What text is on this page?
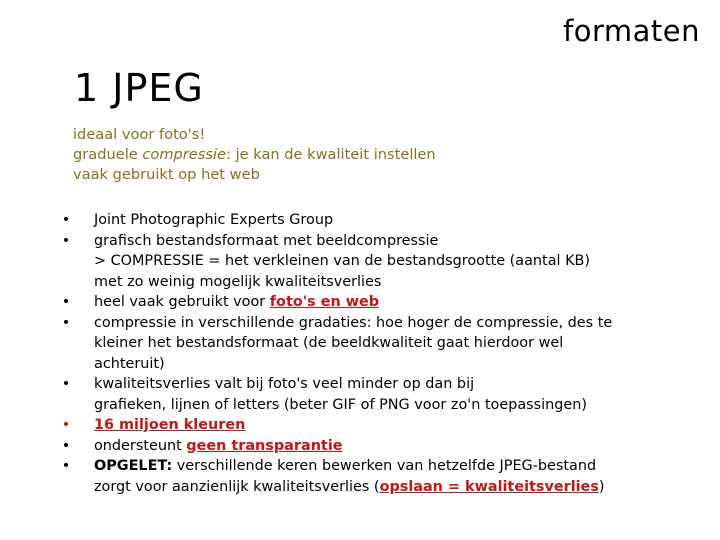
formaten
1 JPEG
ideaal voor foto's!
graduele compressie: je kan de kwaliteit instellen
vaak gebruikt op het web
•	Joint Photographic Experts Group
•	grafisch bestandsformaat met beeldcompressie
> COMPRESSIE = het verkleinen van de bestandsgrootte (aantal KB)
met zo weinig mogelijk kwaliteitsverlies
•	heel vaak gebruikt voor foto's en web
•	compressie in verschillende gradaties: hoe hoger de compressie, des te
kleiner het bestandsformaat (de beeldkwaliteit gaat hierdoor wel
achteruit)
•	kwaliteitsverlies valt bij foto's veel minder op dan bij
grafieken, lijnen of letters (beter GIF of PNG voor zo'n toepassingen)
•	16 miljoen kleuren
•	ondersteunt geen transparantie
•	OPGELET: verschillende keren bewerken van hetzelfde JPEG-bestand
zorgt voor aanzienlijk kwaliteitsverlies (opslaan = kwaliteitsverlies)
